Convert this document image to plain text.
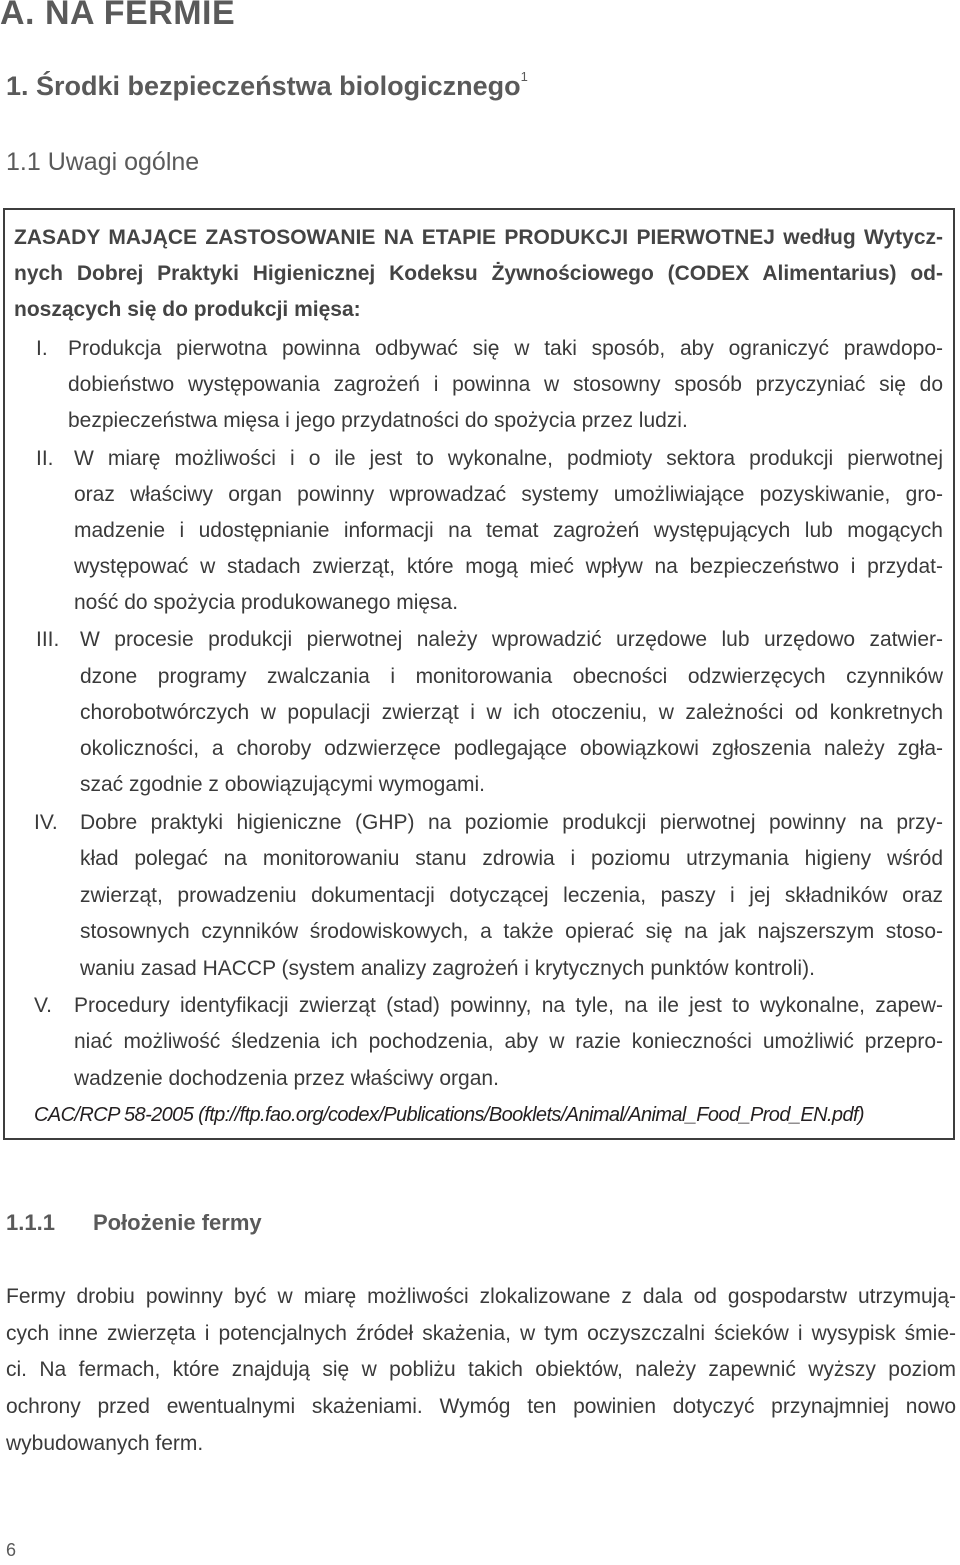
A. NA FERMIE
1. Środki bezpieczeństwa biologicznego$^1$
1.1 Uwagi ogólne
ZASADY MAJĄCE ZASTOSOWANIE NA ETAPIE PRODUKCJI PIERWOTNEJ według Wytycz-
nych Dobrej Praktyki Higienicznej Kodeksu Żywnościowego (CODEX Alimentarius) od-
noszących się do produkcji mięsa:
I. Produkcja pierwotna powinna odbywać się w taki sposób, aby ograniczyć prawdopo-
dobieństwo występowania zagrożeń i powinna w stosowny sposób przyczyniać się do
bezpieczeństwa mięsa i jego przydatności do spożycia przez ludzi.
II. W miarę możliwości i o ile jest to wykonalne, podmioty sektora produkcji pierwotnej
oraz właściwy organ powinny wprowadzać systemy umożliwiające pozyskiwanie, gro-
madzenie i udostępnianie informacji na temat zagrożeń występujących lub mogących
występować w stadach zwierząt, które mogą mieć wpływ na bezpieczeństwo i przydat-
ność do spożycia produkowanego mięsa.
III. W procesie produkcji pierwotnej należy wprowadzić urzędowe lub urzędowo zatwier-
dzone programy zwalczania i monitorowania obecności odzwierzęcych czynników
chorobotwórczych w populacji zwierząt i w ich otoczeniu, w zależności od konkretnych
okoliczności, a choroby odzwierzęce podlegające obowiązkowi zgłoszenia należy zgła-
szać zgodnie z obowiązującymi wymogami.
IV. Dobre praktyki higieniczne (GHP) na poziomie produkcji pierwotnej powinny na przy-
kład polegać na monitorowaniu stanu zdrowia i poziomu utrzymania higieny wśród
zwierząt, prowadzeniu dokumentacji dotyczącej leczenia, paszy i jej składników oraz
stosownych czynników środowiskowych, a także opierać się na jak najszerszym stoso-
waniu zasad HACCP (system analizy zagrożeń i krytycznych punktów kontroli).
V. Procedury identyfikacji zwierząt (stad) powinny, na tyle, na ile jest to wykonalne, zapew-
niać możliwość śledzenia ich pochodzenia, aby w razie konieczności umożliwić przepro-
wadzenie dochodzenia przez właściwy organ.
CAC/RCP 58-2005 (ftp://ftp.fao.org/codex/Publications/Booklets/Animal/Animal_Food_Prod_EN.pdf)
1.1.1 Położenie fermy
Fermy drobiu powinny być w miarę możliwości zlokalizowane z dala od gospodarstw utrzymują-
cych inne zwierzęta i potencjalnych źródeł skażenia, w tym oczyszczalni ścieków i wysypisk śmie-
ci. Na fermach, które znajdują się w pobliżu takich obiektów, należy zapewnić wyższy poziom
ochrony przed ewentualnymi skażeniami. Wymóg ten powinien dotyczyć przynajmniej nowo
wybudowanych ferm.
6
